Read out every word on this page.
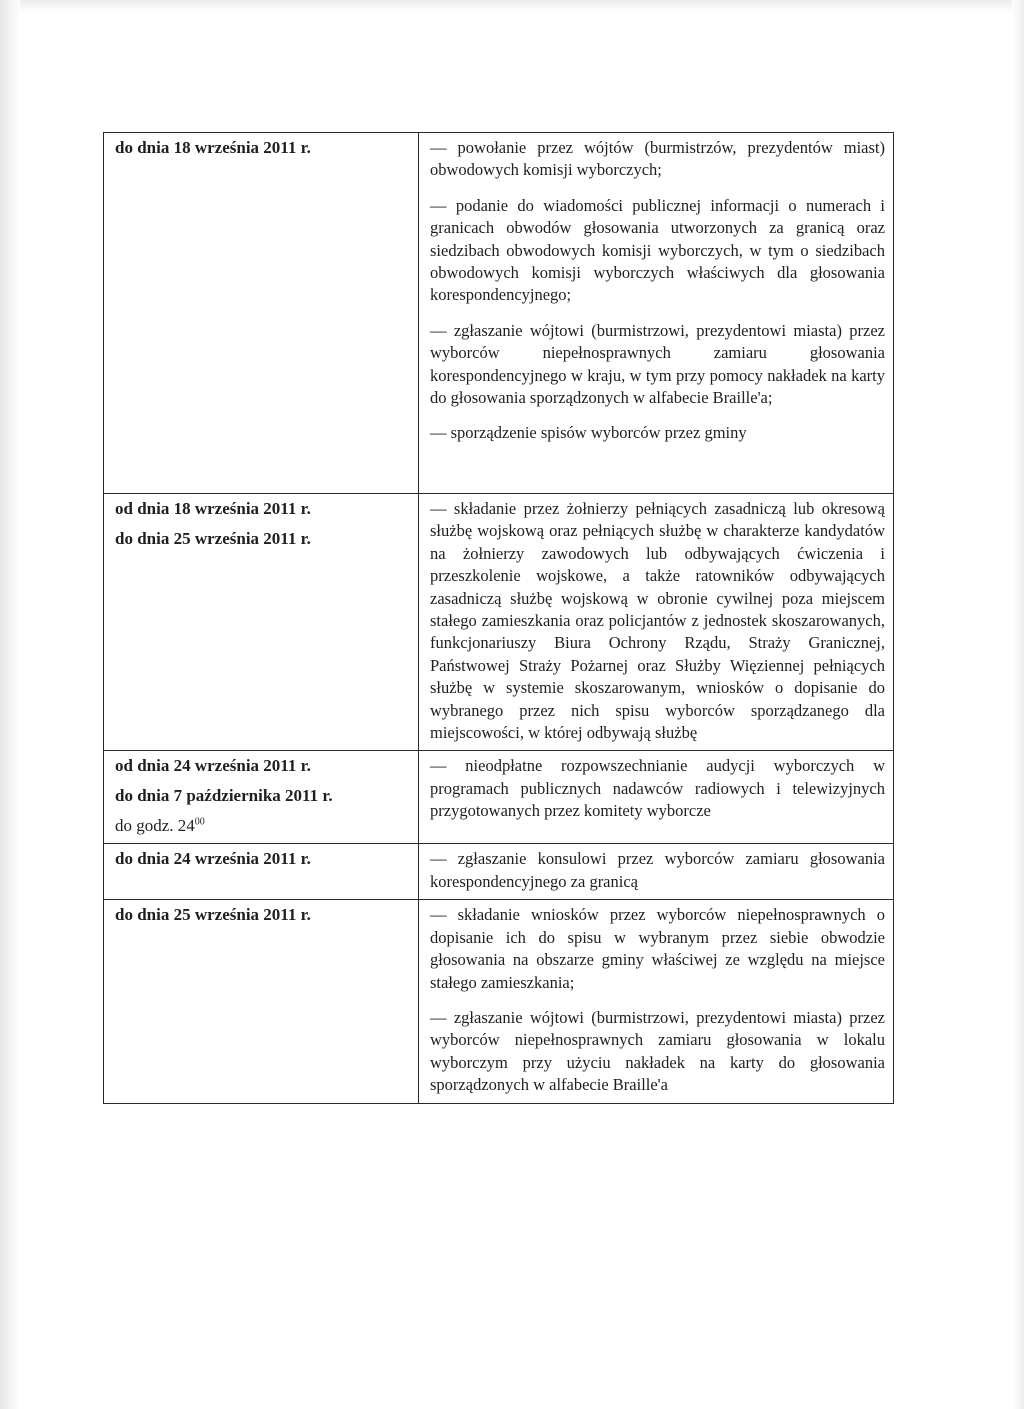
do dnia 18 września 2011 r.	— powołanie przez wójtów (burmistrzów, prezydentów miast) obwodowych komisji wyborczych;

— podanie do wiadomości publicznej informacji o numerach i granicach obwodów głosowania utworzonych za granicą oraz siedzibach obwodowych komisji wyborczych, w tym o siedzibach obwodowych komisji wyborczych właściwych dla głosowania korespondencyjnego;

— zgłaszanie wójtowi (burmistrzowi, prezydentowi miasta) przez wyborców niepełnosprawnych zamiaru głosowania korespondencyjnego w kraju, w tym przy pomocy nakładek na karty do głosowania sporządzonych w alfabecie Braille'a;

— sporządzenie spisów wyborców przez gminy

od dnia 18 września 2011 r.

do dnia 25 września 2011 r.	— składanie przez żołnierzy pełniących zasadniczą lub okresową służbę wojskową oraz pełniących służbę w charakterze kandydatów na żołnierzy zawodowych lub odbywających ćwiczenia i przeszkolenie wojskowe, a także ratowników odbywających zasadniczą służbę wojskową w obronie cywilnej poza miejscem stałego zamieszkania oraz policjantów z jednostek skoszarowanych, funkcjonariuszy Biura Ochrony Rządu, Straży Granicznej, Państwowej Straży Pożarnej oraz Służby Więziennej pełniących służbę w systemie skoszarowanym, wniosków o dopisanie do wybranego przez nich spisu wyborców sporządzanego dla miejscowości, w której odbywają służbę

od dnia 24 września 2011 r.

do dnia 7 października 2011 r.

do godz. $24^{00}$	— nieodpłatne rozpowszechnianie audycji wyborczych w programach publicznych nadawców radiowych i telewizyjnych przygotowanych przez komitety wyborcze

do dnia 24 września 2011 r.	— zgłaszanie konsulowi przez wyborców zamiaru głosowania korespondencyjnego za granicą

do dnia 25 września 2011 r.	— składanie wniosków przez wyborców niepełnosprawnych o dopisanie ich do spisu w wybranym przez siebie obwodzie głosowania na obszarze gminy właściwej ze względu na miejsce stałego zamieszkania;

— zgłaszanie wójtowi (burmistrzowi, prezydentowi miasta) przez wyborców niepełnosprawnych zamiaru głosowania w lokalu wyborczym przy użyciu nakładek na karty do głosowania sporządzonych w alfabecie Braille'a
